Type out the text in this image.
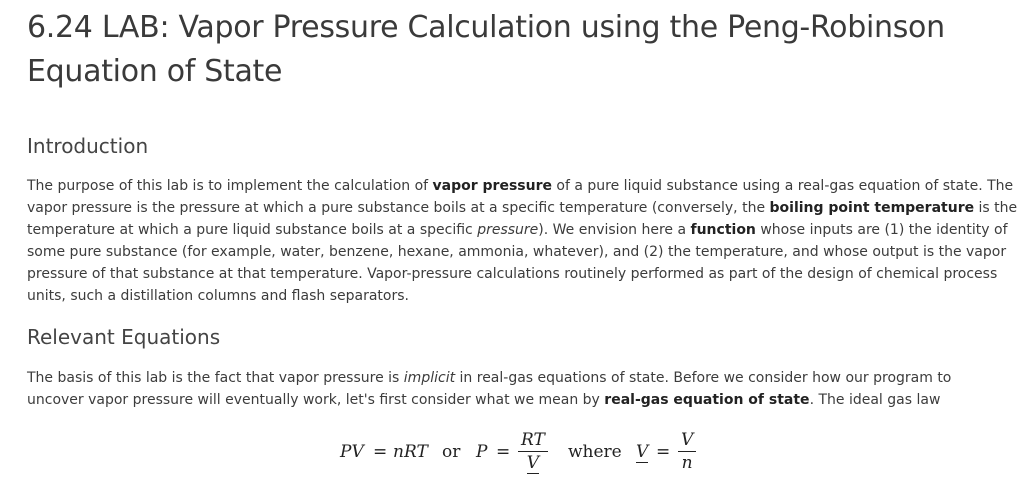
6.24 LAB: Vapor Pressure Calculation using the Peng-Robinson
Equation of State
Introduction
The purpose of this lab is to implement the calculation of vapor pressure of a pure liquid substance using a real-gas equation of state. The
vapor pressure is the pressure at which a pure substance boils at a specific temperature (conversely, the boiling point temperature is the
temperature at which a pure liquid substance boils at a specific pressure). We envision here a function whose inputs are (1) the identity of
some pure substance (for example, water, benzene, hexane, ammonia, whatever), and (2) the temperature, and whose output is the vapor
pressure of that substance at that temperature. Vapor-pressure calculations routinely performed as part of the design of chemical process
units, such a distillation columns and flash separators.
Relevant Equations
The basis of this lab is the fact that vapor pressure is implicit in real-gas equations of state. Before we consider how our program to
uncover vapor pressure will eventually work, let's first consider what we mean by real-gas equation of state. The ideal gas law
PV = nRT or P =
RT
V
where V =
V
n
